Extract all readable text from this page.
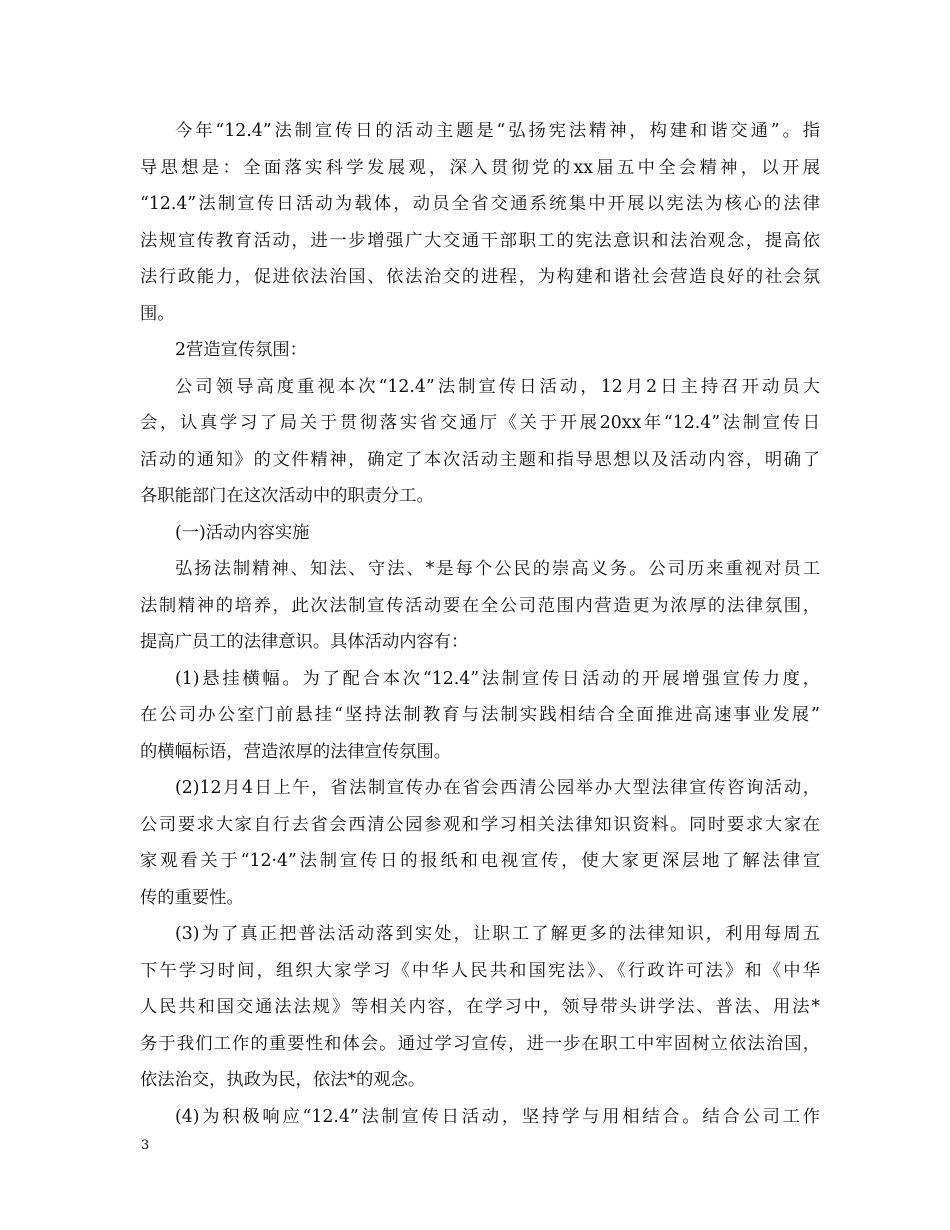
今年“12.4”法制宣传日的活动主题是“弘扬宪法精神，构建和谐交通”。指
导思想是：全面落实科学发展观，深入贯彻党的xx届五中全会精神，以开展
“12.4”法制宣传日活动为载体，动员全省交通系统集中开展以宪法为核心的法律
法规宣传教育活动，进一步增强广大交通干部职工的宪法意识和法治观念，提高依
法行政能力，促进依法治国、依法治交的进程，为构建和谐社会营造良好的社会氛
围。
2营造宣传氛围：
公司领导高度重视本次“12.4”法制宣传日活动，12月2日主持召开动员大
会，认真学习了局关于贯彻落实省交通厅《关于开展20xx年“12.4”法制宣传日
活动的通知》的文件精神，确定了本次活动主题和指导思想以及活动内容，明确了
各职能部门在这次活动中的职责分工。
(一)活动内容实施
弘扬法制精神、知法、守法、*是每个公民的崇高义务。公司历来重视对员工
法制精神的培养，此次法制宣传活动要在全公司范围内营造更为浓厚的法律氛围，
提高广员工的法律意识。具体活动内容有：
(1)悬挂横幅。为了配合本次“12.4”法制宣传日活动的开展增强宣传力度，
在公司办公室门前悬挂“坚持法制教育与法制实践相结合全面推进高速事业发展”
的横幅标语，营造浓厚的法律宣传氛围。
(2)12月4日上午，省法制宣传办在省会西清公园举办大型法律宣传咨询活动，
公司要求大家自行去省会西清公园参观和学习相关法律知识资料。同时要求大家在
家观看关于“12·4”法制宣传日的报纸和电视宣传，使大家更深层地了解法律宣
传的重要性。
(3)为了真正把普法活动落到实处，让职工了解更多的法律知识，利用每周五
下午学习时间，组织大家学习《中华人民共和国宪法》、《行政许可法》和《中华
人民共和国交通法法规》等相关内容，在学习中，领导带头讲学法、普法、用法*
务于我们工作的重要性和体会。通过学习宣传，进一步在职工中牢固树立依法治国，
依法治交，执政为民，依法*的观念。
(4)为积极响应“12.4”法制宣传日活动，坚持学与用相结合。结合公司工作
3
